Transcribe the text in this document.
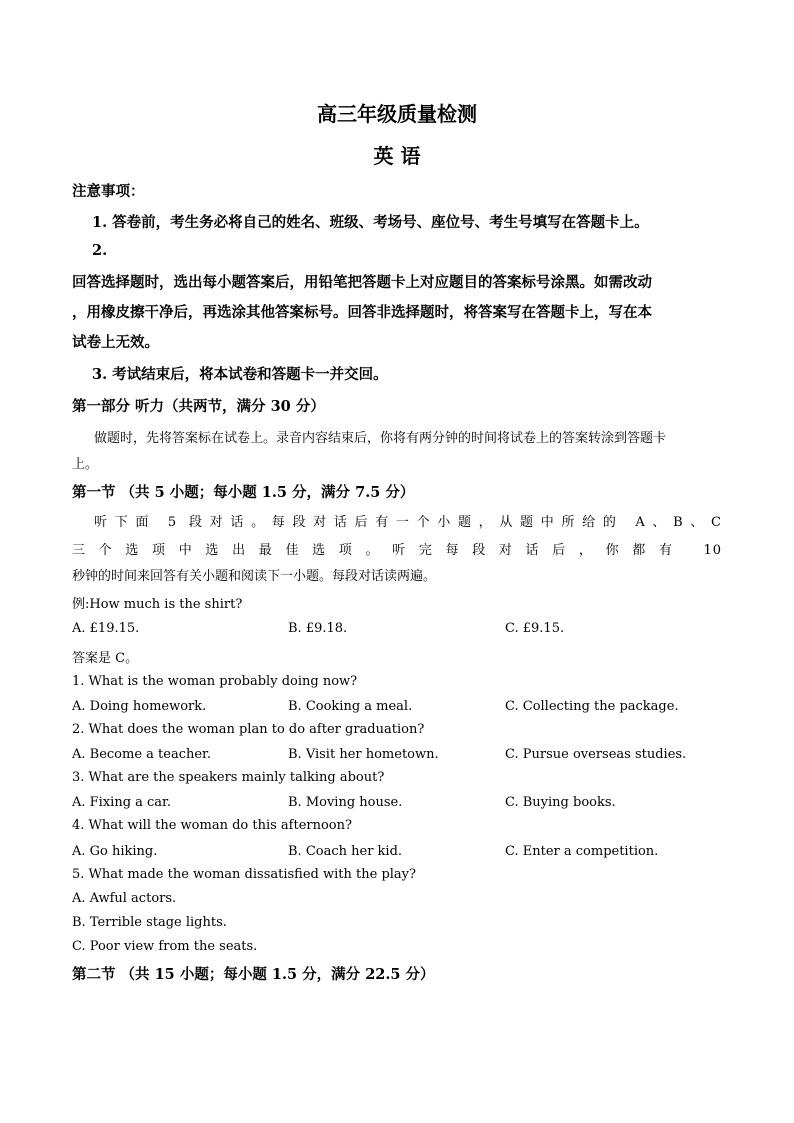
高三年级质量检测
英 语
注意事项：
1. 答卷前，考生务必将自己的姓名、班级、考场号、座位号、考生号填写在答题卡上。
2.
回答选择题时，选出每小题答案后，用铅笔把答题卡上对应题目的答案标号涂黑。如需改动
，用橡皮擦干净后，再选涂其他答案标号。回答非选择题时，将答案写在答题卡上，写在本
试卷上无效。
3. 考试结束后，将本试卷和答题卡一并交回。
第一部分 听力（共两节，满分 30 分）
做题时，先将答案标在试卷上。录音内容结束后，你将有两分钟的时间将试卷上的答案转涂到答题卡
上。
第一节 （共 5 小题；每小题 1.5 分，满分 7.5 分）
听下面 5 段对话。每段对话后有一个小题，从题中所给的 A、B、C
三个选项中选出最佳选项。听完每段对话后，你都有 10
秒钟的时间来回答有关小题和阅读下一小题。每段对话读两遍。
例:How much is the shirt?
A. £19.15.	B. £9.18.	C. £9.15.
答案是 C。
1. What is the woman probably doing now?
A. Doing homework.	B. Cooking a meal.	C. Collecting the package.
2. What does the woman plan to do after graduation?
A. Become a teacher.	B. Visit her hometown.	C. Pursue overseas studies.
3. What are the speakers mainly talking about?
A. Fixing a car.	B. Moving house.	C. Buying books.
4. What will the woman do this afternoon?
A. Go hiking.	B. Coach her kid.	C. Enter a competition.
5. What made the woman dissatisfied with the play?
A. Awful actors.
B. Terrible stage lights.
C. Poor view from the seats.
第二节 （共 15 小题；每小题 1.5 分，满分 22.5 分）
